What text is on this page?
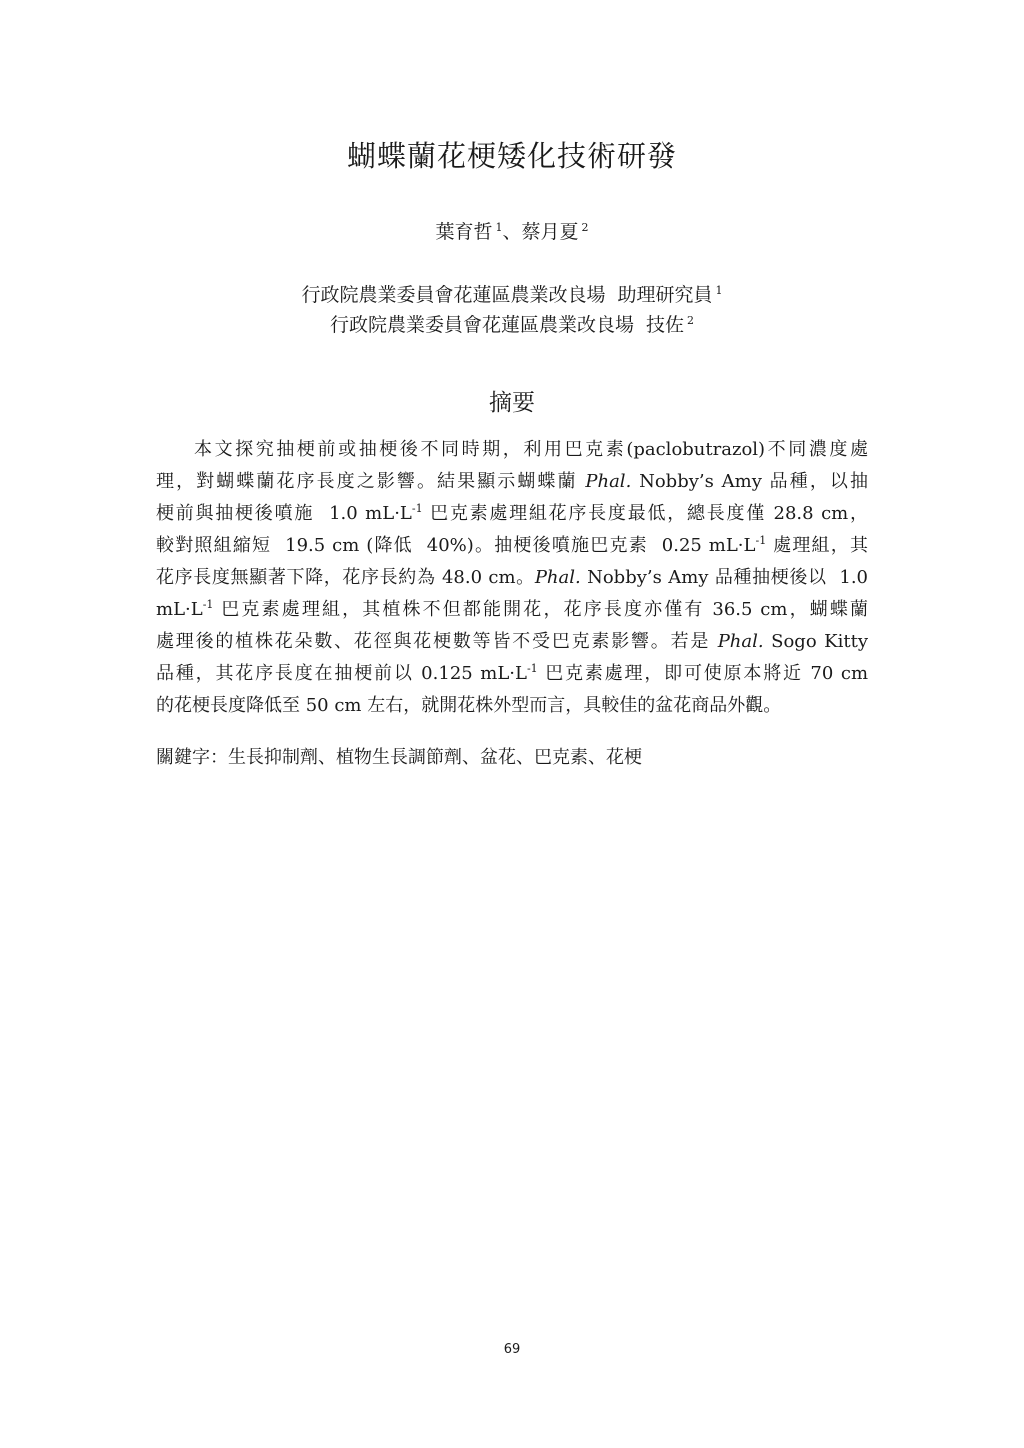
蝴蝶蘭花梗矮化技術研發
葉育哲 $^1$、蔡月夏 $^2$
行政院農業委員會花蓮區農業改良場  助理研究員 $^1$
行政院農業委員會花蓮區農業改良場  技佐 $^2$
摘要
本文探究抽梗前或抽梗後不同時期，利用巴克素(paclobutrazol)不同濃度處
理，對蝴蝶蘭花序長度之影響。結果顯示蝴蝶蘭 Phal. Nobby’s Amy 品種，以抽
梗前與抽梗後噴施  1.0 $mL\cdot L^{-1}$ 巴克素處理組花序長度最低，總長度僅 28.8 cm，
較對照組縮短  19.5 cm (降低  40%)。抽梗後噴施巴克素  0.25 $mL\cdot L^{-1}$ 處理組，其
花序長度無顯著下降，花序長約為 48.0 cm。Phal. Nobby’s Amy 品種抽梗後以  1.0
$mL\cdot L^{-1}$ 巴克素處理組，其植株不但都能開花，花序長度亦僅有 36.5 cm，蝴蝶蘭
處理後的植株花朵數、花徑與花梗數等皆不受巴克素影響。若是 Phal. Sogo Kitty
品種，其花序長度在抽梗前以 0.125 $mL\cdot L^{-1}$ 巴克素處理，即可使原本將近 70 cm
的花梗長度降低至 50 cm 左右，就開花株外型而言，具較佳的盆花商品外觀。
關鍵字：生長抑制劑、植物生長調節劑、盆花、巴克素、花梗
69
